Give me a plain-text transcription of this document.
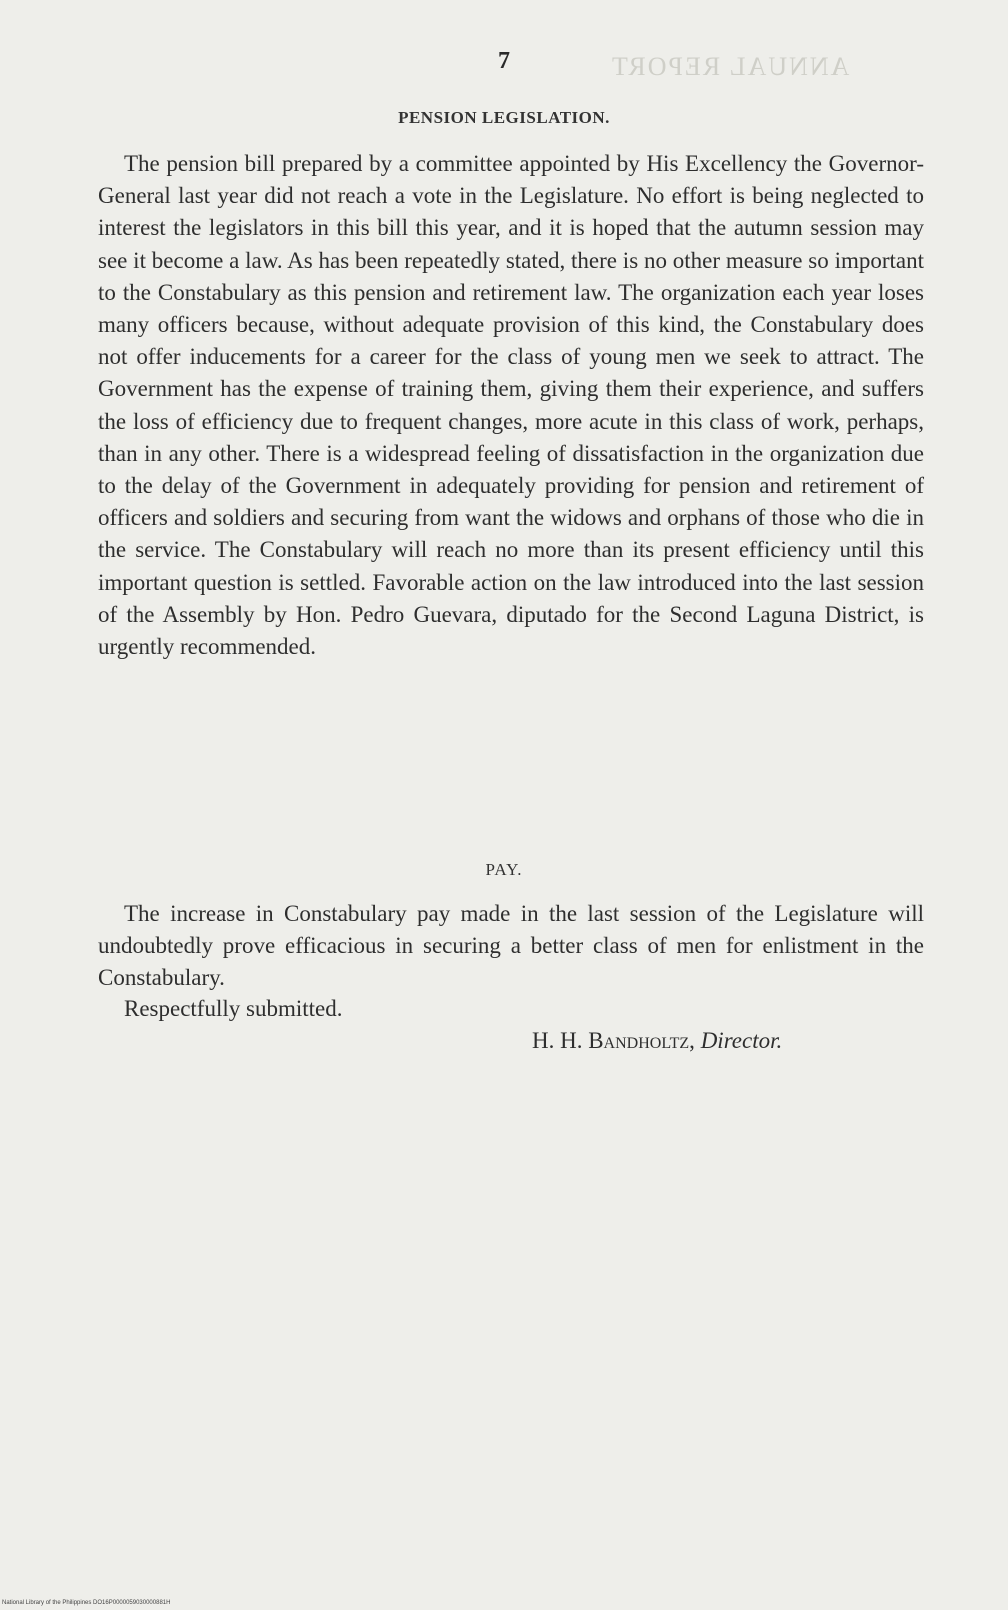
7	ANNUAL REPORT
PENSION LEGISLATION.

The pension bill prepared by a committee appointed by His Excellency the Governor-General last year did not reach a vote in the Legislature. No effort is being neglected to interest the legislators in this bill this year, and it is hoped that the autumn session may see it become a law. As has been repeatedly stated, there is no other measure so important to the Constabulary as this pension and retirement law. The organization each year loses many officers because, without adequate provision of this kind, the Constabulary does not offer inducements for a career for the class of young men we seek to attract. The Government has the expense of training them, giving them their experience, and suffers the loss of efficiency due to frequent changes, more acute in this class of work, perhaps, than in any other. There is a widespread feeling of dissatisfaction in the organization due to the delay of the Government in adequately providing for pension and retirement of officers and soldiers and securing from want the widows and orphans of those who die in the service. The Constabulary will reach no more than its present efficiency until this important question is settled. Favorable action on the law introduced into the last session of the Assembly by Hon. Pedro Guevara, diputado for the Second Laguna District, is urgently recommended.

PAY.

The increase in Constabulary pay made in the last session of the Legislature will undoubtedly prove efficacious in securing a better class of men for enlistment in the Constabulary.

Respectfully submitted.

H. H. Bandholtz, Director.

National Library of the Philippines DO16P0000059030000881H
